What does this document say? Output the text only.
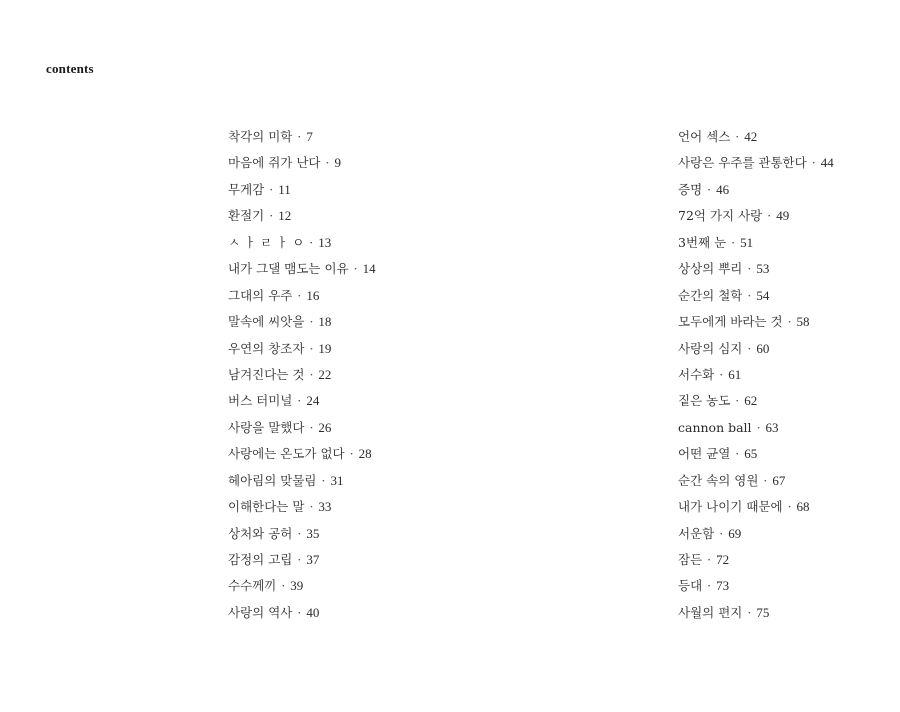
contents
착각의 미학 · 7
마음에 쥐가 난다 · 9
무게감 · 11
환절기 · 12
ㅅ ㅏ ㄹ ㅏ ㅇ · 13
내가 그댈 맴도는 이유 · 14
그대의 우주 · 16
말속에 씨앗을 · 18
우연의 창조자 · 19
남겨진다는 것 · 22
버스 터미널 · 24
사랑을 말했다 · 26
사랑에는 온도가 없다 · 28
헤아림의 맞물림 · 31
이해한다는 말 · 33
상처와 공허 · 35
감정의 고립 · 37
수수께끼 · 39
사랑의 역사 · 40
언어 섹스 · 42
사랑은 우주를 관통한다 · 44
증명 · 46
72억 가지 사랑 · 49
3번째 눈 · 51
상상의 뿌리 · 53
순간의 철학 · 54
모두에게 바라는 것 · 58
사랑의 심지 · 60
서수화 · 61
짙은 농도 · 62
cannon ball · 63
어떤 균열 · 65
순간 속의 영원 · 67
내가 나이기 때문에 · 68
서운함 · 69
잠든 · 72
등대 · 73
사월의 편지 · 75
